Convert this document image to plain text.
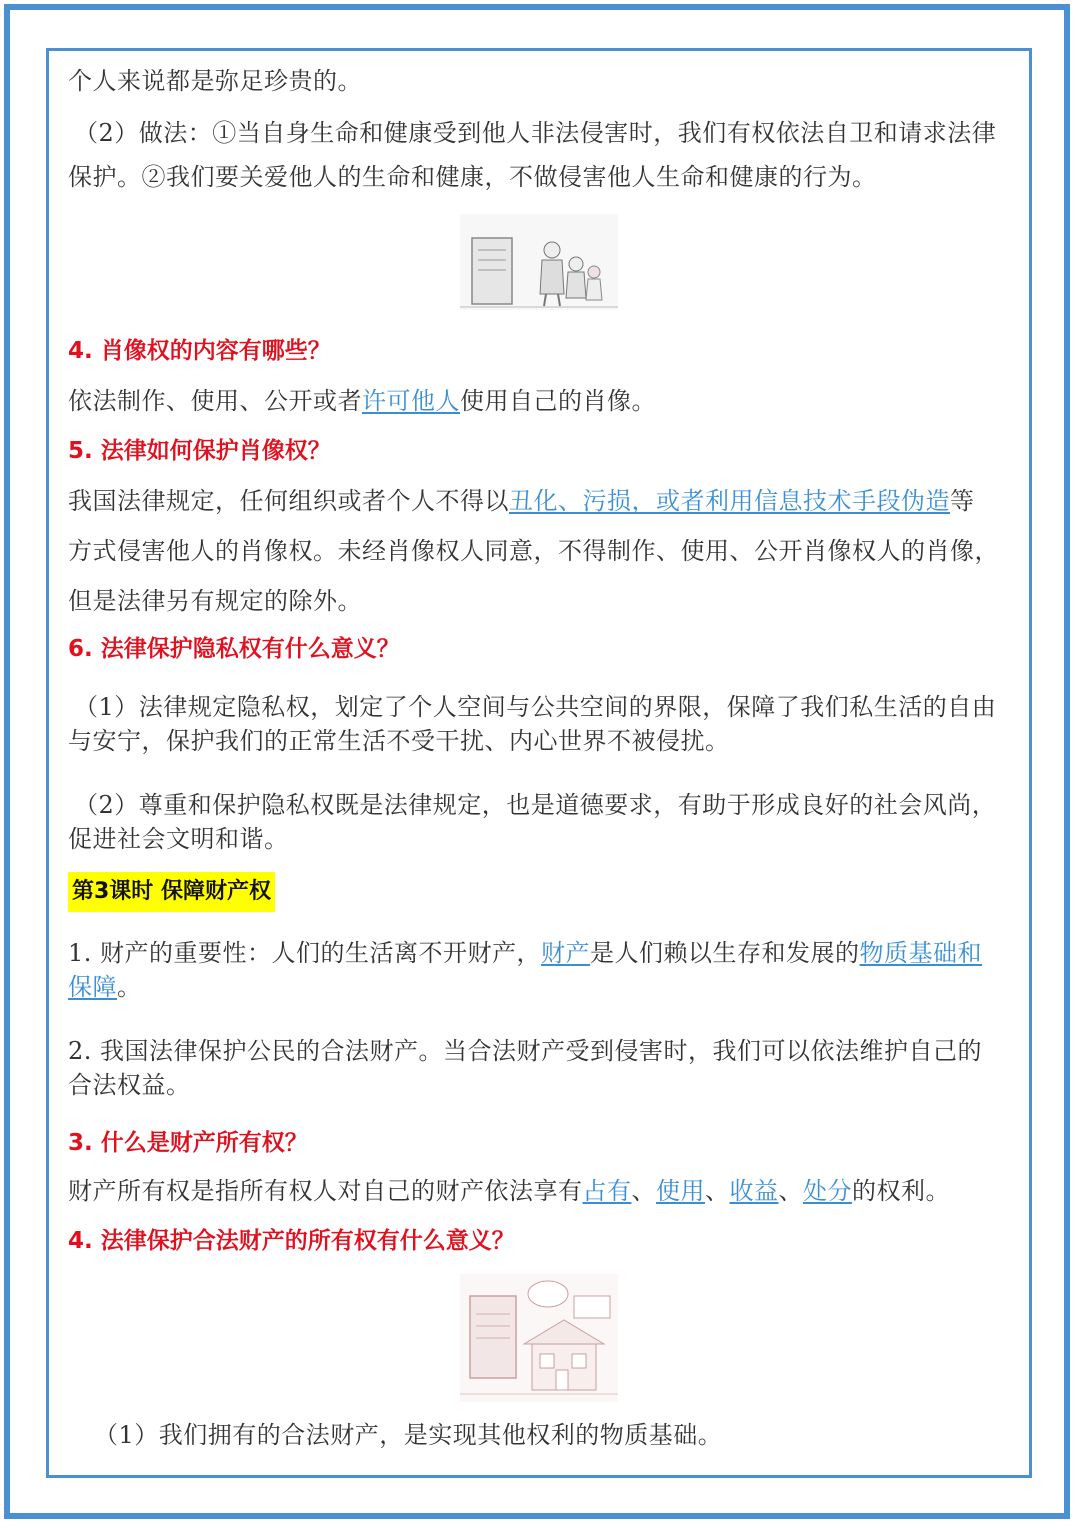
个人来说都是弥足珍贵的。
（2）做法：①当自身生命和健康受到他人非法侵害时，我们有权依法自卫和请求法律
保护。②我们要关爱他人的生命和健康，不做侵害他人生命和健康的行为。
4. 肖像权的内容有哪些？
依法制作、使用、公开或者许可他人使用自己的肖像。
5. 法律如何保护肖像权？
我国法律规定，任何组织或者个人不得以丑化、污损，或者利用信息技术手段伪造等
方式侵害他人的肖像权。未经肖像权人同意，不得制作、使用、公开肖像权人的肖像，
但是法律另有规定的除外。
6. 法律保护隐私权有什么意义？
（1）法律规定隐私权，划定了个人空间与公共空间的界限，保障了我们私生活的自由
与安宁，保护我们的正常生活不受干扰、内心世界不被侵扰。
（2）尊重和保护隐私权既是法律规定，也是道德要求，有助于形成良好的社会风尚，
促进社会文明和谐。
第3课时 保障财产权
1. 财产的重要性：人们的生活离不开财产，财产是人们赖以生存和发展的物质基础和
保障。
2. 我国法律保护公民的合法财产。当合法财产受到侵害时，我们可以依法维护自己的
合法权益。
3. 什么是财产所有权？
财产所有权是指所有权人对自己的财产依法享有占有、使用、收益、处分的权利。
4. 法律保护合法财产的所有权有什么意义？
（1）我们拥有的合法财产，是实现其他权利的物质基础。
